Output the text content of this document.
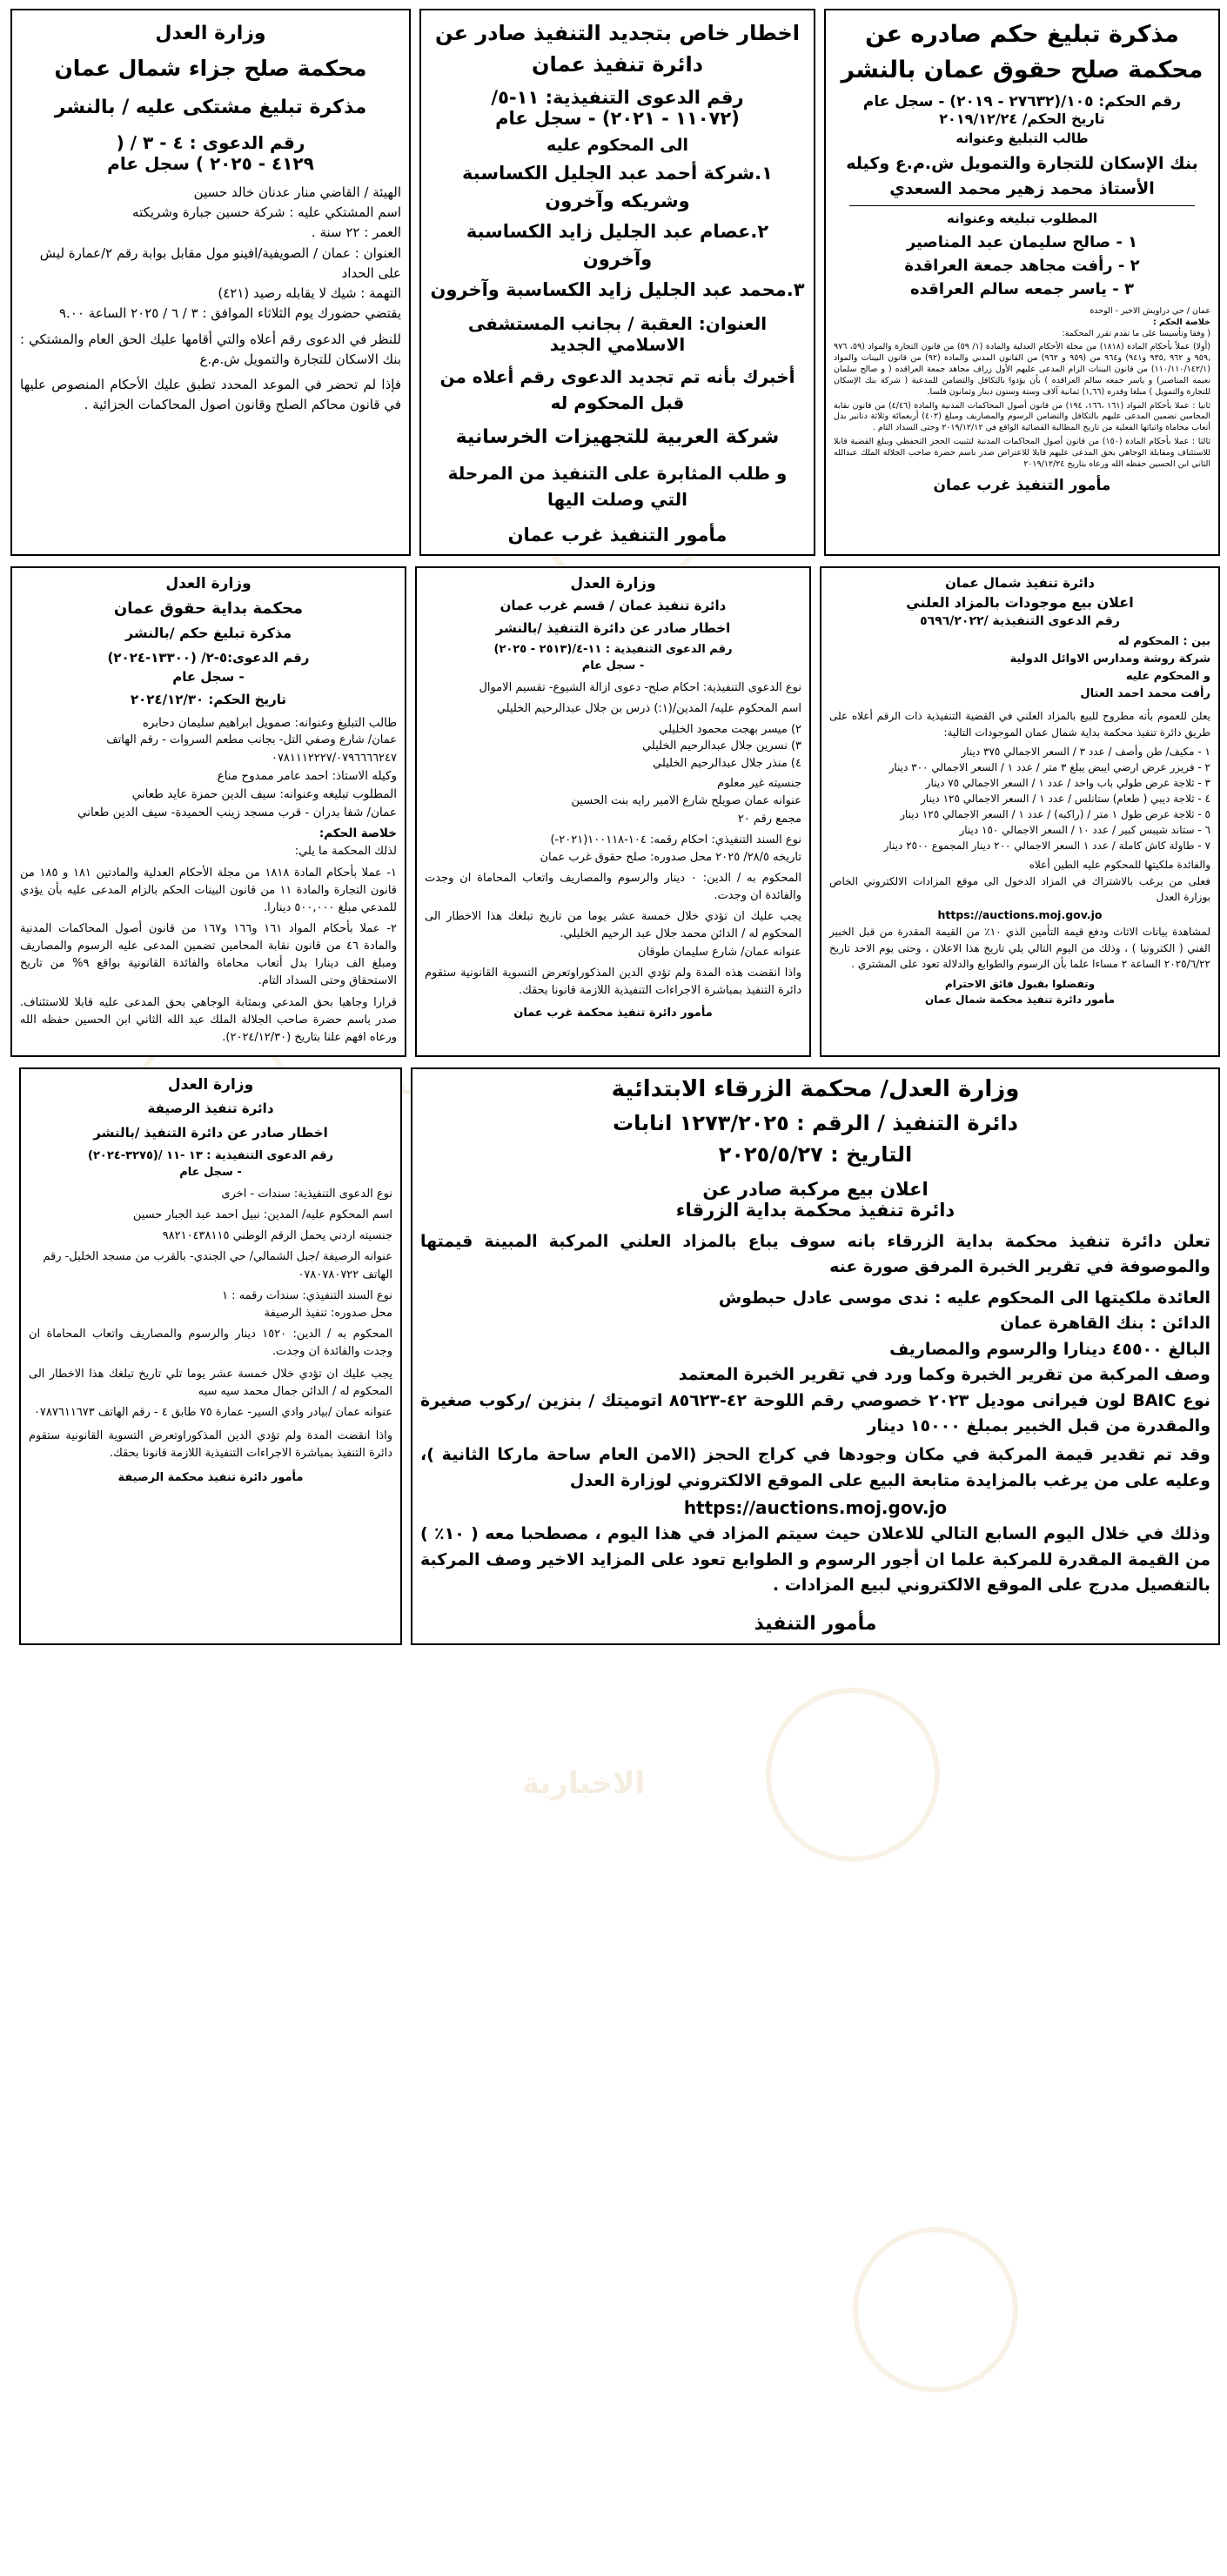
الاخبارية
مذكرة تبليغ حكم صادره عن محكمة صلح حقوق عمان بالنشر
رقم الحكم: ١٠٥/(٢٧٦٣٢ - ٢٠١٩) - سجل عام
تاريخ الحكم/ ٢٠١٩/١٢/٢٤
طالب التبليغ وعنوانه
بنك الإسكان للتجارة والتمويل ش.م.ع وكيله الأستاذ محمد زهير محمد السعدي
المطلوب تبليغه وعنوانه
١ - صالح سليمان عبد المناصير
٢ - رأفت مجاهد جمعة العراقدة
٣ - ياسر جمعه سالم العراقده
عمان / حي دراويش الاخير - الوحدة
خلاصة الحكم :
( وفقا وتأسيسا على ما تقدم تقرر المحكمة:
(أولا) عملاً بأحكام المادة (١٨١٨) من مجلة الأحكام العدلية والمادة (١/ ٥٩) من قانون التجارة والمواد (٥٩، ٩٧٦ ,٩٥٩ و ٩٦٢ ,٩٣٥ و٩٤١) و٩٦٤ من (٩٥٩ و ٩٦٢) من القانون المدني والمادة (٩٢) من قانون البينات والمواد (١١٠/١١٠/١٤٢/١) من قانون البينات الزام المدعى عليهم الأول زراف مجاهد جمعة العراقده ( و صالح سلمان نعيمه المناصير) و ياسر جمعه سالم العراقده ) بأن يؤدوا بالتكافل والتضامن للمدعية ( شركة بنك الإسكان للتجارة والتمويل ) مبلغا وقدره (١,٦٦) ثمانية آلاف وستة وستون دينار وثمانون فلسا.
ثانيا : عملا بأحكام المواد (١٦١ ،١٦٦، ١٩٤) من قانون أصول المحاكمات المدنية والمادة (٤/٤٦) من قانون نقابة المحامين تضمين المدعى عليهم بالتكافل والتضامن الرسوم والمصاريف ومبلغ (٤٠٢) أربعمائة وثلاثة دنانير بدل أتعاب محاماة واثباتها الفعلية من تاريخ المطالبة القضائية الواقع في ٢٠١٩/١٢/١٢ وحتى السداد التام .
ثالثا : عملا بأحكام المادة (١٥٠) من قانون أصول المحاكمات المدنية لتثبيت الحجز التحفظي ويبلغ القضية قابلا للاستئناف ومقابلة الوجاهي بحق المدعى عليهم قابلا للاعتراض صدر باسم حضرة صاحب الجلالة الملك عبدالله الثاني ابن الحسين حفظه الله ورعاه بتاريخ ٢٠١٩/١٢/٢٤
مأمور التنفيذ غرب عمان
اخطار خاص بتجديد التنفيذ صادر عن دائرة تنفيذ عمان
رقم الدعوى التنفيذية: ١١-٥/
(١١٠٧٢ - ٢٠٢١) - سجل عام
الى المحكوم عليه
١.شركة أحمد عبد الجليل الكساسبة وشريكه وآخرون
٢.عصام عبد الجليل زايد الكساسبة وآخرون
٣.محمد عبد الجليل زايد الكساسبة وآخرون
العنوان: العقبة / بجانب المستشفى الاسلامي الجديد
أخبرك بأنه تم تجديد الدعوى رقم أعلاه من قبل المحكوم له
شركة العربية للتجهيزات الخرسانية
و طلب المثابرة على التنفيذ من المرحلة التي وصلت اليها
مأمور التنفيذ غرب عمان
وزارة العدل
محكمة صلح جزاء شمال عمان
مذكرة تبليغ مشتكى عليه / بالنشر
رقم الدعوى : ٤ - ٣ / (
٤١٢٩ - ٢٠٢٥ ) سجل عام
الهيئة / القاضي منار عدنان خالد حسين
اسم المشتكي عليه : شركة حسين جبارة وشريكته
العمر : ٢٢ سنة .
العنوان : عمان / الصويفية/افينو مول مقابل بوابة رقم ٢/عمارة ليش على الحداد
التهمة : شيك لا يقابله رصيد (٤٢١)
يقتضي حضورك يوم الثلاثاء الموافق : ٣ / ٦ / ٢٠٢٥ الساعة ٩.٠٠
للنظر في الدعوى رقم أعلاه والتي أقامها عليك الحق العام والمشتكي : بنك الاسكان للتجارة والتمويل ش.م.ع
فإذا لم تحضر في الموعد المحدد تطبق عليك الأحكام المنصوص عليها في قانون محاكم الصلح وقانون اصول المحاكمات الجزائية .
دائرة تنفيذ شمال عمان
اعلان بيع موجودات بالمزاد العلني
رقم الدعوى التنفيذية /٥٦٩٦/٢٠٢٢
بين : المحكوم له
شركة روشة ومدارس الاوائل الدولية
و المحكوم عليه
رأفت محمد احمد العتال
يعلن للعموم بأنه مطروح للبيع بالمزاد العلني في القضية التنفيذية ذات الرقم أعلاه على طريق دائرة تنفيذ محكمة بداية شمال عمان الموجودات التالية:
١ - مكيف/ طن وأصف / عدد ٣ / السعر الاجمالي ٣٧٥ دينار
٢ - فريزر عرض ارضي ايبض يبلغ ٣ متر / عدد ١ / السعر الاجمالي ٣٠٠ دينار
٣ - ثلاجة عرض طولي باب واحد / عدد ١ / السعر الاجمالي ٧٥ دينار
٤ - ثلاجة ديبي ( طعام) ستانلس / عدد ١ / السعر الاجمالي ١٢٥ دينار
٥ - ثلاجة عرض طول ١ متر / (راكبه) / عدد ١ / السعر الاجمالي ١٢٥ دينار
٦ - ستاند شيبس كبير / عدد ١٠ / السعر الاجمالي ١٥٠ دينار
٧ - طاولة كاش كاملة / عدد ١ السعر الاجمالي ٢٠٠ دينار المجموع ٢٥٠٠ دينار
والفائدة ملكيتها للمحكوم عليه الطين أعلاه
فعلى من يرغب بالاشتراك في المزاد الدخول الى موقع المزادات الالكتروني الخاص بوزارة العدل
https://auctions.moj.gov.jo
لمشاهدة بيانات الاثاث ودفع قيمة التأمين الذي ١٠٪ من القيمة المقدرة من قبل الخبير الفني ( الكترونيا ) ، وذلك من اليوم التالي يلي تاريخ هذا الاعلان ، وحتى يوم الاحد تاريخ ٢٠٢٥/٦/٢٢ الساعة ٢ مساءا علما بأن الرسوم والطوابع والدلالة تعود على المشتري .
وتفضلوا بقبول فائق الاحترام
مأمور دائرة تنفيذ محكمة شمال عمان
وزارة العدل
دائرة تنفيذ عمان / قسم غرب عمان
اخطار صادر عن دائرة التنفيذ /بالنشر
رقم الدعوى التنفيذية : ١١-٤/(٢٥١٣ - ٢٠٢٥)
- سجل عام
نوع الدعوى التنفيذية: احكام صلح- دعوى ازالة الشيوع- تقسيم الاموال
اسم المحكوم عليه/ المدين/(١:) ذرس بن جلال عبدالرحيم الخليلي
٢) ميسر بهجت محمود الخليلي
٣) نسرين جلال عبدالرحيم الخليلي
٤) منذر جلال عبدالرحيم الخليلي
جنسيته غير معلوم
عنوانه عمان صويلح شارع الامير رايه بنت الحسين
مجمع رقم ٢٠
نوع السند التنفيذي: احكام رقمه: ١٠٤-١٠٠١١٨(٢٠٢١-)
تاريخه ٢٨/٥/ ٢٠٢٥ محل صدوره: صلح حقوق غرب عمان
المحكوم به / الدين: ٠ دينار والرسوم والمصاريف واتعاب المحاماة ان وجدت والفائدة ان وجدت.
يجب عليك ان تؤدي خلال خمسة عشر يوما من تاريخ تبلغك هذا الاخطار الى المحكوم له / الدائن محمد جلال عبد الرحيم الخليلي.
عنوانه عمان/ شارع سليمان طوقان
واذا انقضت هذه المدة ولم تؤدي الدين المذكوراوتعرض التسوية القانونية ستقوم دائرة التنفيذ بمباشرة الاجراءات التنفيذية اللازمة قانونا بحقك.
مأمور دائرة تنفيذ محكمة غرب عمان
وزارة العدل
محكمة بداية حقوق عمان
مذكرة تبليغ حكم /بالنشر
رقم الدعوى:٥-٢/ (١٣٣٠٠-٢٠٢٤)
- سجل عام
تاريخ الحكم: ٢٠٢٤/١٢/٣٠
طالب التبليغ وعنوانه: صمويل ابراهيم سليمان دحابره
عمان/ شارع وصفي التل- بجانب مطعم السروات - رقم الهاتف ٠٧٨١١١٢٢٢٧/٠٧٩٦٦٦٦٢٤٧
وكيله الاستاذ: احمد عامر ممدوح مناع
المطلوب تبليغه وعنوانه: سيف الدين حمزة عايد طعاني
عمان/ شفا بدران - قرب مسجد زينب الحميدة- سيف الدين طعاني
خلاصة الحكم:
لذلك المحكمة ما يلي:
١- عملا بأحكام المادة ١٨١٨ من مجلة الأحكام العدلية والمادتين ١٨١ و ١٨٥ من قانون التجارة والمادة ١١ من قانون البينات الحكم بالزام المدعى عليه بأن يؤدي للمدعي مبلغ ٥٠٠,٠٠٠ دينارا.
٢- عملا بأحكام المواد ١٦١ و١٦٦ و١٦٧ من قانون أصول المحاكمات المدنية والمادة ٤٦ من قانون نقابة المحامين تضمين المدعى عليه الرسوم والمصاريف ومبلغ الف دينارا بدل أتعاب محاماة والفائدة القانونية بواقع ٩% من تاريخ الاستحقاق وحتى السداد التام.
قرارا وجاهيا بحق المدعي وبمثابة الوجاهي بحق المدعى عليه قابلا للاستئناف. صدر باسم حضرة صاحب الجلالة الملك عبد الله الثاني ابن الحسين حفظه الله ورعاه افهم علنا بتاريخ (٢٠٢٤/١٢/٣٠).
وزارة العدل/ محكمة الزرقاء الابتدائية
دائرة التنفيذ / الرقم : ١٢٧٣/٢٠٢٥ انابات
التاريخ : ٢٠٢٥/٥/٢٧
اعلان بيع مركبة صادر عن
دائرة تنفيذ محكمة بداية الزرقاء
تعلن دائرة تنفيذ محكمة بداية الزرقاء بانه سوف يباع بالمزاد العلني المركبة المبينة قيمتها والموصوفة في تقرير الخبرة المرفق صورة عنه
العائدة ملكيتها الى المحكوم عليه : ندى موسى عادل حبطوش
الدائن : بنك القاهرة عمان
البالغ ٤٥٥٠٠ دينارا والرسوم والمصاريف
وصف المركبة من تقرير الخبرة وكما ورد في تقرير الخبرة المعتمد
نوع BAIC لون فيرانى موديل ٢٠٢٣ خصوصي رقم اللوحة ٤٢-٨٥٦٢٣ اتوميتك / بنزين /ركوب صغيرة والمقدرة من قبل الخبير بمبلغ ١٥٠٠٠ دينار
وقد تم تقدير قيمة المركبة في مكان وجودها في كراج الحجز (الامن العام ساحة ماركا الثانية )، وعليه على من يرغب بالمزايدة متابعة البيع على الموقع الالكتروني لوزارة العدل
https://auctions.moj.gov.jo
وذلك في خلال اليوم السابع التالي للاعلان حيث سيتم المزاد في هذا اليوم ، مصطحبا معه ( ١٠٪ ) من القيمة المقدرة للمركبة علما ان أجور الرسوم و الطوابع تعود على المزايد الاخير وصف المركبة بالتفصيل مدرج على الموقع الالكتروني لبيع المزادات .
مأمور التنفيذ
وزارة العدل
دائرة تنفيذ الرصيفة
اخطار صادر عن دائرة التنفيذ /بالنشر
رقم الدعوى التنفيذية : ١٣ -١١ /(٣٢٧٥-٢٠٢٤)
- سجل عام
نوع الدعوى التنفيذية: سندات - اخرى
اسم المحكوم عليه/ المدين: نبيل احمد عبد الجبار حسين
جنسيته اردني يحمل الرقم الوطني ٩٨٢١٠٤٣٨١١٥
عنوانه الرصيفة /جبل الشمالي/ حي الجندي- بالقرب من مسجد الخليل- رقم الهاتف ٠٧٨٠٧٨٠٧٢٢
نوع السند التنفيذي: سندات رقمه : ١
محل صدوره: تنفيذ الرصيفة
المحكوم به / الدين: ١٥٢٠ دينار والرسوم والمصاريف واتعاب المحاماة ان وجدت والفائدة ان وجدت.
يجب عليك ان تؤدي خلال خمسة عشر يوما تلي تاريخ تبلغك هذا الاخطار الى المحكوم له / الدائن جمال محمد سيه سيه
عنوانه عمان /بيادر وادي السير- عمارة ٧٥ طابق ٤ - رقم الهاتف ٠٧٨٧٦١١٦٧٣
واذا انقضت المدة ولم تؤدي الدين المذكوراوتعرض التسوية القانونية ستقوم دائرة التنفيذ بمباشرة الاجراءات التنفيذية اللازمة قانونا بحقك.
مأمور دائرة تنفيذ محكمة الرصيفة
